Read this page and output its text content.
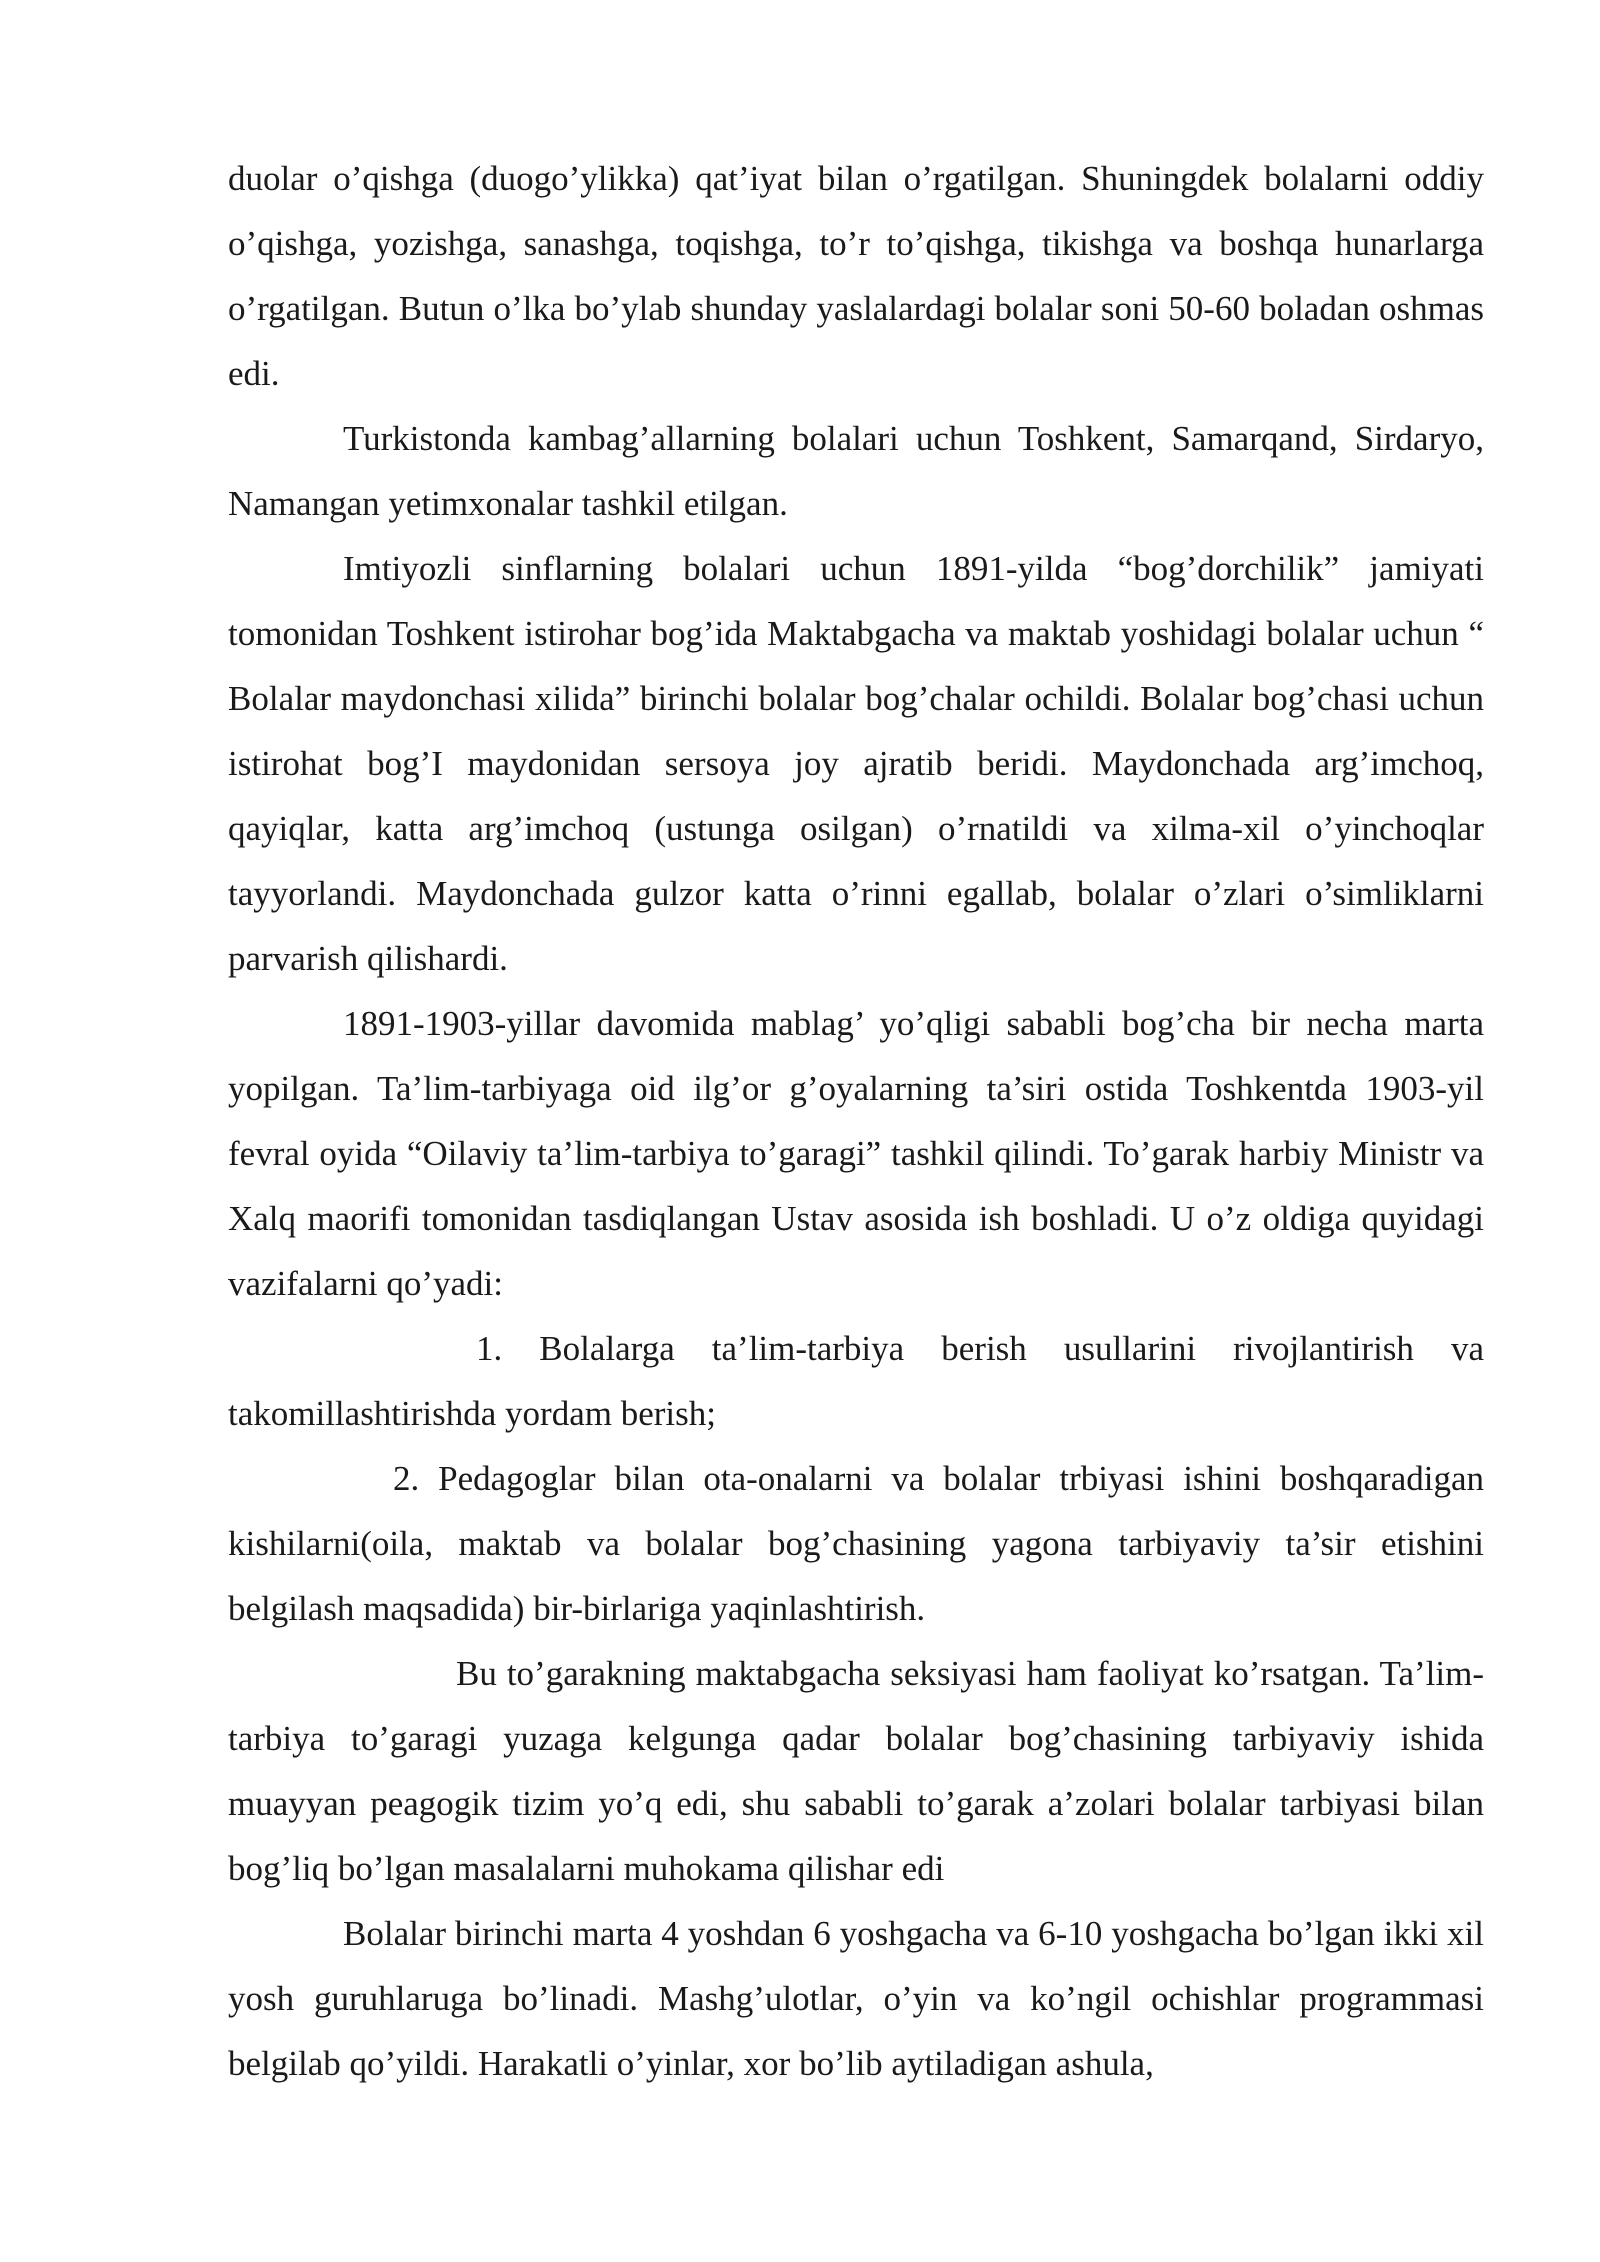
duolar o’qishga (duogo’ylikka) qat’iyat bilan o’rgatilgan. Shuningdek bolalarni oddiy o’qishga, yozishga, sanashga, toqishga, to’r to’qishga, tikishga va boshqa hunarlarga o’rgatilgan. Butun o’lka bo’ylab shunday yaslalardagi bolalar soni 50-60 boladan oshmas edi.

Turkistonda kambag’allarning bolalari uchun Toshkent, Samarqand, Sirdaryo, Namangan yetimxonalar tashkil etilgan.

Imtiyozli sinflarning bolalari uchun 1891-yilda “bog’dorchilik” jamiyati tomonidan Toshkent istirohar bog’ida Maktabgacha va maktab yoshidagi bolalar uchun “ Bolalar maydonchasi xilida” birinchi bolalar bog’chalar ochildi. Bolalar bog’chasi uchun istirohat bog’I maydonidan sersoya joy ajratib beridi. Maydonchada arg’imchoq, qayiqlar, katta arg’imchoq (ustunga osilgan) o’rnatildi va xilma-xil o’yinchoqlar tayyorlandi. Maydonchada gulzor katta o’rinni egallab, bolalar o’zlari o’simliklarni parvarish qilishardi.

1891-1903-yillar davomida mablag’ yo’qligi sababli bog’cha bir necha marta yopilgan. Ta’lim-tarbiyaga oid ilg’or g’oyalarning ta’siri ostida Toshkentda 1903-yil fevral oyida “Oilaviy ta’lim-tarbiya to’garagi” tashkil qilindi. To’garak harbiy Ministr va Xalq maorifi tomonidan tasdiqlangan Ustav asosida ish boshladi. U o’z oldiga quyidagi vazifalarni qo’yadi:

1. Bolalarga ta’lim-tarbiya berish usullarini rivojlantirish va takomillashtirishda yordam berish;

2. Pedagoglar bilan ota-onalarni va bolalar trbiyasi ishini boshqaradigan kishilarni(oila, maktab va bolalar bog’chasining yagona tarbiyaviy ta’sir etishini belgilash maqsadida) bir-birlariga yaqinlashtirish.

Bu to’garakning maktabgacha seksiyasi ham faoliyat ko’rsatgan. Ta’lim-tarbiya to’garagi yuzaga kelgunga qadar bolalar bog’chasining tarbiyaviy ishida muayyan peagogik tizim yo’q edi, shu sababli to’garak a’zolari bolalar tarbiyasi bilan bog’liq bo’lgan masalalarni muhokama qilishar edi

Bolalar birinchi marta 4 yoshdan 6 yoshgacha va 6-10 yoshgacha bo’lgan ikki xil yosh guruhlaruga bo’linadi. Mashg’ulotlar, o’yin va ko’ngil ochishlar programmasi belgilab qo’yildi. Harakatli o’yinlar, xor bo’lib aytiladigan ashula,
